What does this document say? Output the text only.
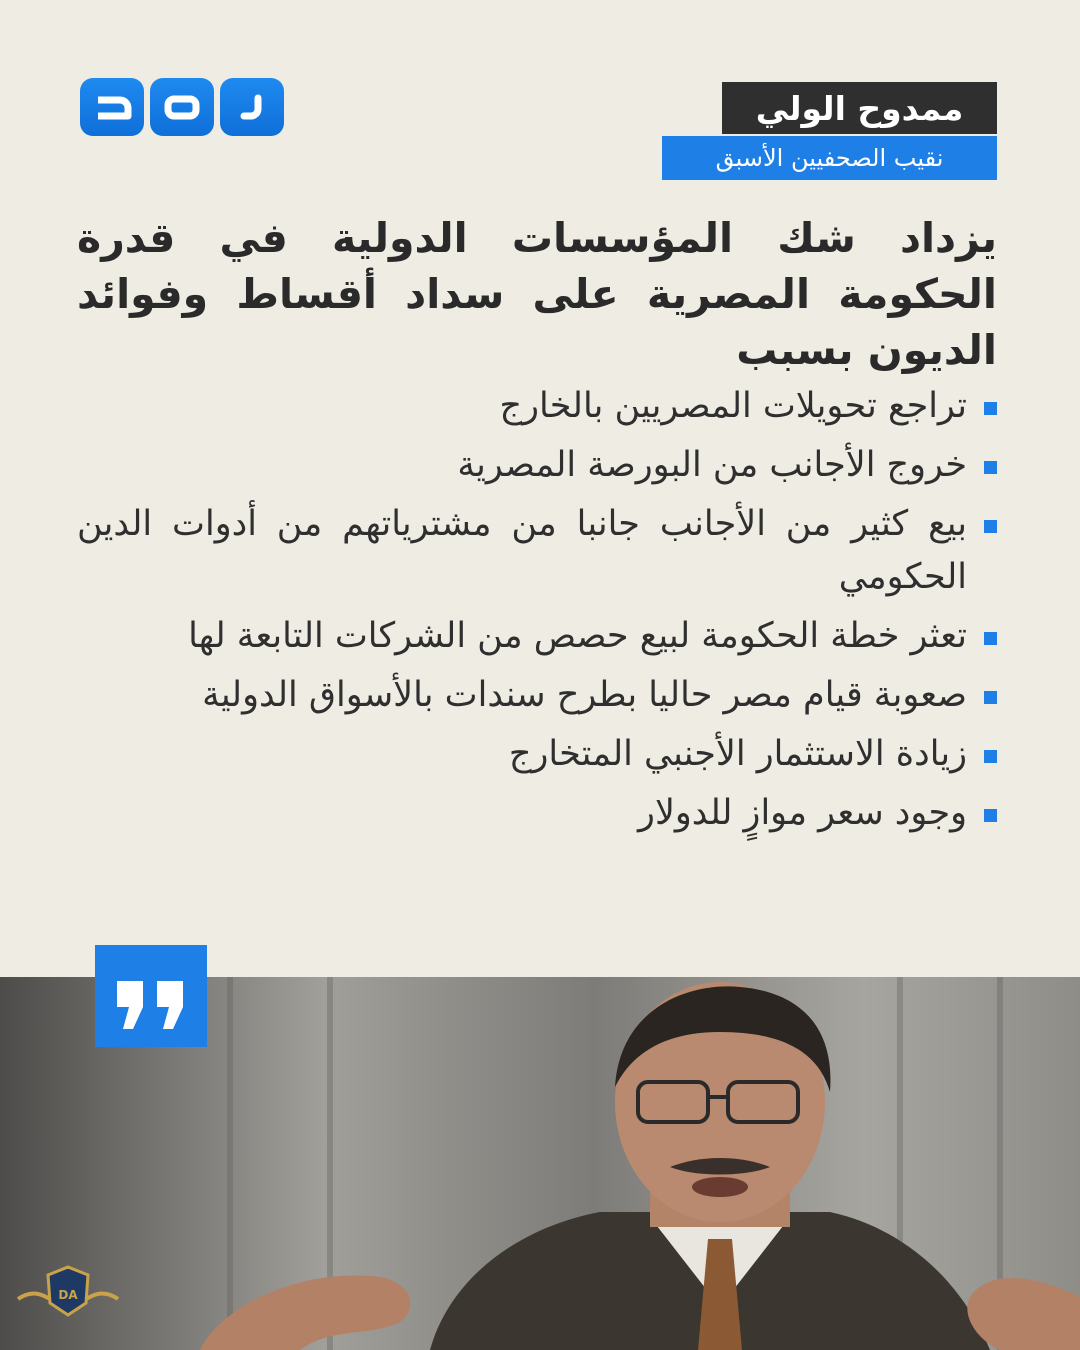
ممدوح الولي
نقيب الصحفيين الأسبق

يزداد شك المؤسسات الدولية في قدرة الحكومة المصرية على سداد أقساط وفوائد الديون بسبب

تراجع تحويلات المصريين بالخارج
خروج الأجانب من البورصة المصرية
بيع كثير من الأجانب جانبا من مشترياتهم من أدوات الدين الحكومي
تعثر خطة الحكومة لبيع حصص من الشركات التابعة لها
صعوبة قيام مصر حاليا بطرح سندات بالأسواق الدولية
زيادة الاستثمار الأجنبي المتخارج
وجود سعر موازٍ للدولار
DA
